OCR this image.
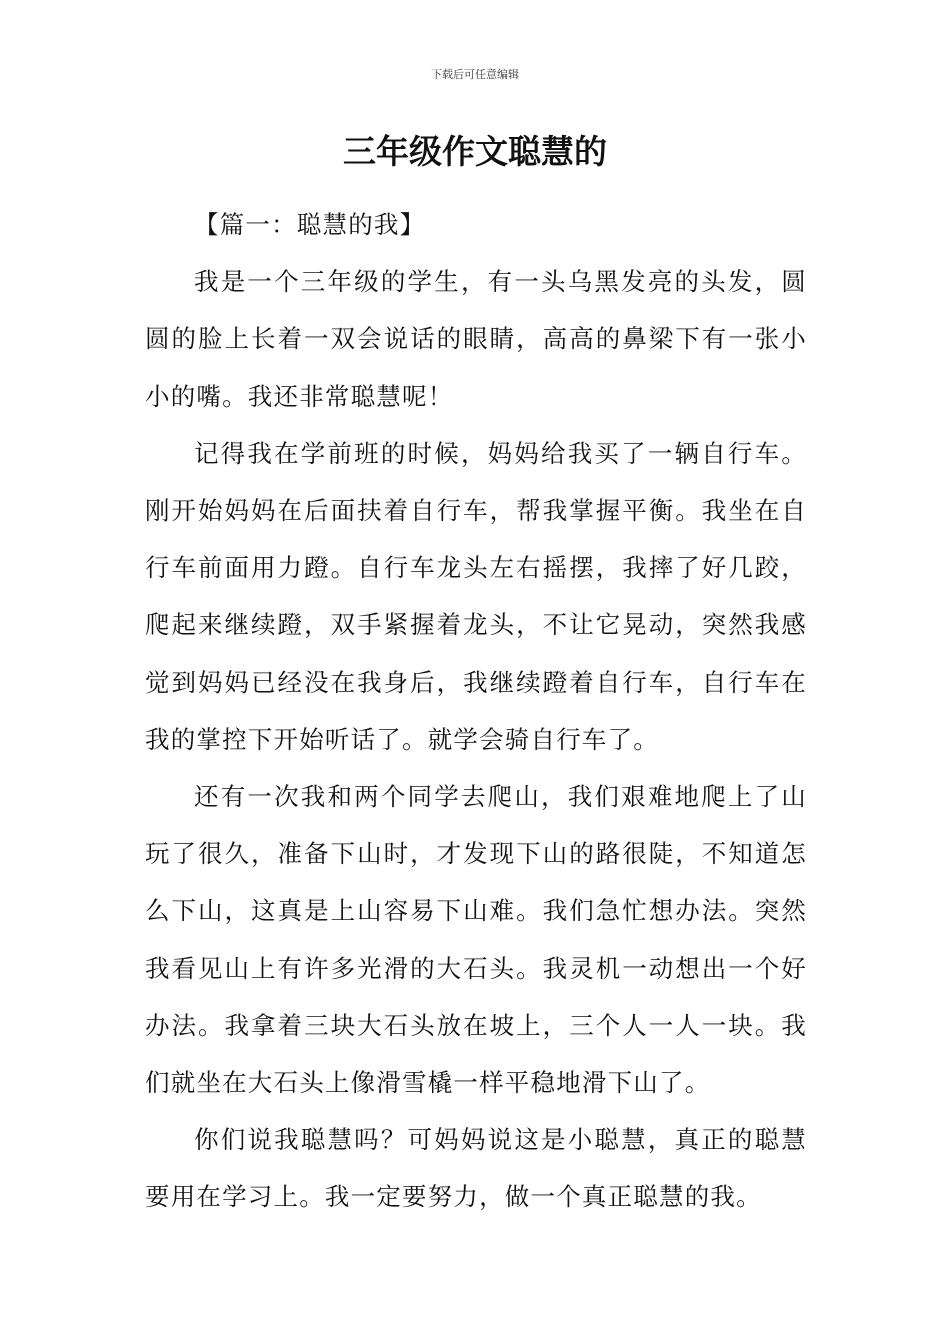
下载后可任意编辑
三年级作文聪慧的

【篇一：聪慧的我】

我是一个三年级的学生，有一头乌黑发亮的头发，圆圆的脸上长着一双会说话的眼睛，高高的鼻梁下有一张小小的嘴。我还非常聪慧呢！

记得我在学前班的时候，妈妈给我买了一辆自行车。刚开始妈妈在后面扶着自行车，帮我掌握平衡。我坐在自行车前面用力蹬。自行车龙头左右摇摆，我摔了好几跤，爬起来继续蹬，双手紧握着龙头，不让它晃动，突然我感觉到妈妈已经没在我身后，我继续蹬着自行车，自行车在我的掌控下开始听话了。就学会骑自行车了。

还有一次我和两个同学去爬山，我们艰难地爬上了山玩了很久，准备下山时，才发现下山的路很陡，不知道怎么下山，这真是上山容易下山难。我们急忙想办法。突然我看见山上有许多光滑的大石头。我灵机一动想出一个好办法。我拿着三块大石头放在坡上，三个人一人一块。我们就坐在大石头上像滑雪橇一样平稳地滑下山了。

你们说我聪慧吗？可妈妈说这是小聪慧，真正的聪慧要用在学习上。我一定要努力，做一个真正聪慧的我。
